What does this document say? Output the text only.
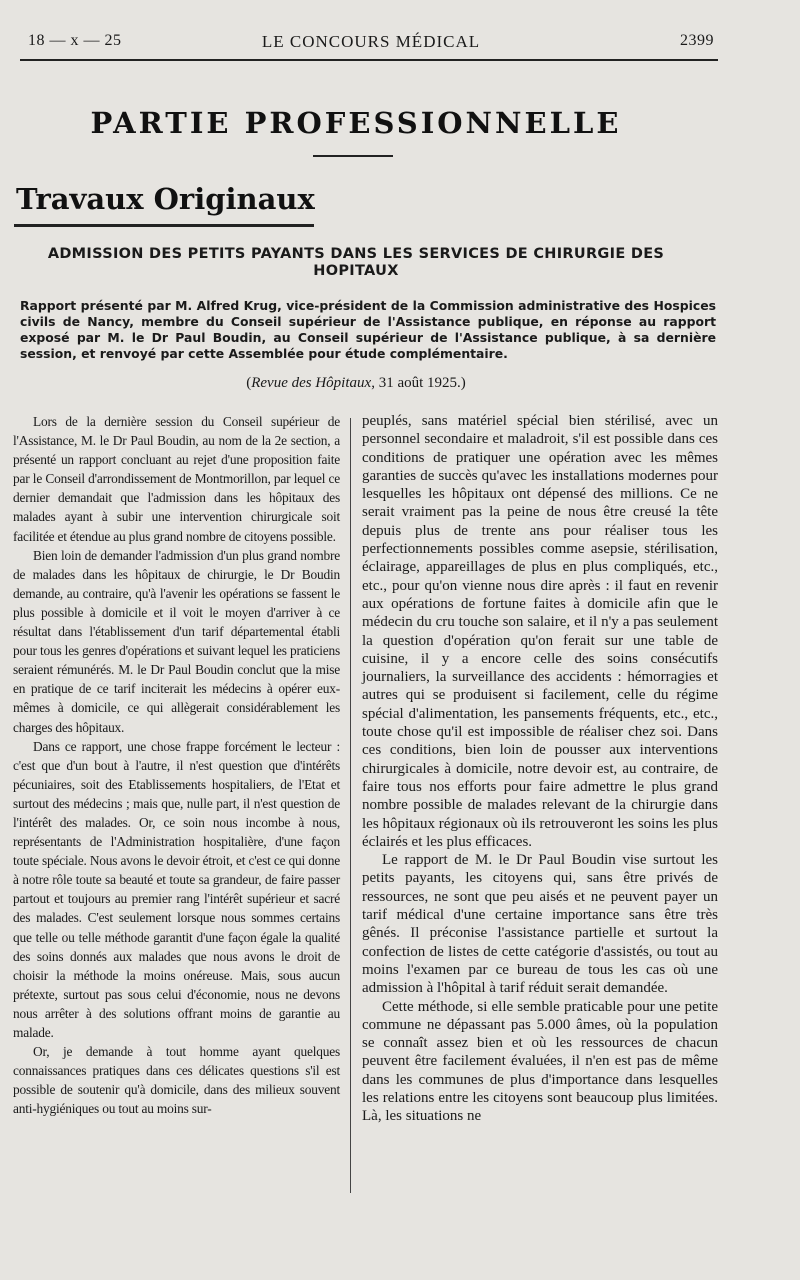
18 — x — 25	LE CONCOURS MÉDICAL	2399
PARTIE PROFESSIONNELLE
Travaux Originaux
ADMISSION DES PETITS PAYANTS DANS LES SERVICES DE CHIRURGIE DES HOPITAUX
Rapport présenté par M. Alfred Krug, vice-président de la Commission administrative des Hospices civils de Nancy, membre du Conseil supérieur de l'Assistance publique, en réponse au rapport exposé par M. le Dr Paul Boudin, au Conseil supérieur de l'Assistance publique, à sa dernière session, et renvoyé par cette Assemblée pour étude complémentaire.
(Revue des Hôpitaux, 31 août 1925.)

Lors de la dernière session du Conseil supérieur de l'Assistance, M. le Dr Paul Boudin, au nom de la 2e section, a présenté un rapport concluant au rejet d'une proposition faite par le Conseil d'arrondissement de Montmorillon, par lequel ce dernier demandait que l'admission dans les hôpitaux des malades ayant à subir une intervention chirurgicale soit facilitée et étendue au plus grand nombre de citoyens possible.

Bien loin de demander l'admission d'un plus grand nombre de malades dans les hôpitaux de chirurgie, le Dr Boudin demande, au contraire, qu'à l'avenir les opérations se fassent le plus possible à domicile et il voit le moyen d'arriver à ce résultat dans l'établissement d'un tarif départemental établi pour tous les genres d'opérations et suivant lequel les praticiens seraient rémunérés. M. le Dr Paul Boudin conclut que la mise en pratique de ce tarif inciterait les médecins à opérer eux-mêmes à domicile, ce qui allègerait considérablement les charges des hôpitaux.

Dans ce rapport, une chose frappe forcément le lecteur : c'est que d'un bout à l'autre, il n'est question que d'intérêts pécuniaires, soit des Etablissements hospitaliers, de l'Etat et surtout des médecins ; mais que, nulle part, il n'est question de l'intérêt des malades. Or, ce soin nous incombe à nous, représentants de l'Administration hospitalière, d'une façon toute spéciale. Nous avons le devoir étroit, et c'est ce qui donne à notre rôle toute sa beauté et toute sa grandeur, de faire passer partout et toujours au premier rang l'intérêt supérieur et sacré des malades. C'est seulement lorsque nous sommes certains que telle ou telle méthode garantit d'une façon égale la qualité des soins donnés aux malades que nous avons le droit de choisir la méthode la moins onéreuse. Mais, sous aucun prétexte, surtout pas sous celui d'économie, nous ne devons nous arrêter à des solutions offrant moins de garantie au malade.

Or, je demande à tout homme ayant quelques connaissances pratiques dans ces délicates questions s'il est possible de soutenir qu'à domicile, dans des milieux souvent anti-hygiéniques ou tout au moins sur-

peuplés, sans matériel spécial bien stérilisé, avec un personnel secondaire et maladroit, s'il est possible dans ces conditions de pratiquer une opération avec les mêmes garanties de succès qu'avec les installations modernes pour lesquelles les hôpitaux ont dépensé des millions. Ce ne serait vraiment pas la peine de nous être creusé la tête depuis plus de trente ans pour réaliser tous les perfectionnements possibles comme asepsie, stérilisation, éclairage, appareillages de plus en plus compliqués, etc., etc., pour qu'on vienne nous dire après : il faut en revenir aux opérations de fortune faites à domicile afin que le médecin du cru touche son salaire, et il n'y a pas seulement la question d'opération qu'on ferait sur une table de cuisine, il y a encore celle des soins consécutifs journaliers, la surveillance des accidents : hémorragies et autres qui se produisent si facilement, celle du régime spécial d'alimentation, les pansements fréquents, etc., etc., toute chose qu'il est impossible de réaliser chez soi. Dans ces conditions, bien loin de pousser aux interventions chirurgicales à domicile, notre devoir est, au contraire, de faire tous nos efforts pour faire admettre le plus grand nombre possible de malades relevant de la chirurgie dans les hôpitaux régionaux où ils retrouveront les soins les plus éclairés et les plus efficaces.

Le rapport de M. le Dr Paul Boudin vise surtout les petits payants, les citoyens qui, sans être privés de ressources, ne sont que peu aisés et ne peuvent payer un tarif médical d'une certaine importance sans être très gênés. Il préconise l'assistance partielle et surtout la confection de listes de cette catégorie d'assistés, ou tout au moins l'examen par ce bureau de tous les cas où une admission à l'hôpital à tarif réduit serait demandée.

Cette méthode, si elle semble praticable pour une petite commune ne dépassant pas 5.000 âmes, où la population se connaît assez bien et où les ressources de chacun peuvent être facilement évaluées, il n'en est pas de même dans les communes de plus d'importance dans lesquelles les relations entre les citoyens sont beaucoup plus limitées. Là, les situations ne
